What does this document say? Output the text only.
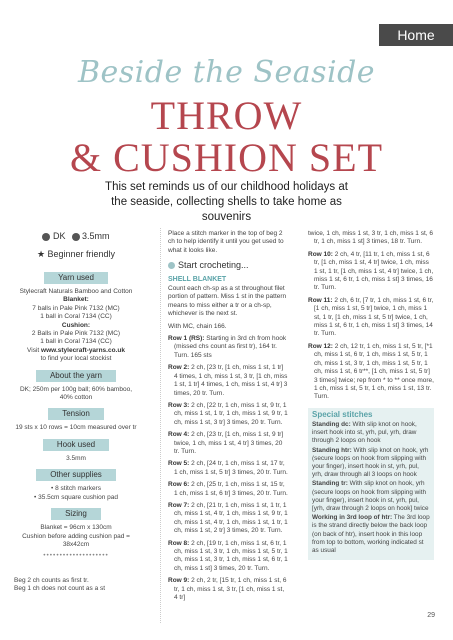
Home
Beside the Seaside
THROW
& CUSHION SET
This set reminds us of our childhood holidays at the seaside, collecting shells to take home as souvenirs
DK	3.5mm
★ Beginner friendly
Yarn used
Stylecraft Naturals Bamboo and Cotton
Blanket:
7 balls in Pale Pink 7132 (MC)
1 ball in Coral 7134 (CC)
Cushion:
2 Balls in Pale Pink 7132 (MC)
1 ball in Coral 7134 (CC)
Visit www.stylecraft-yarns.co.uk
to find your local stockist
About the yarn
DK; 250m per 100g ball; 60% bamboo, 40% cotton
Tension
19 sts x 10 rows = 10cm measured over tr
Hook used
3.5mm
Other supplies
• 8 stitch markers
• 35.5cm square cushion pad
Sizing
Blanket = 96cm x 130cm
Cushion before adding cushion pad = 38x42cm
••••••••••••••••••••
Beg 2 ch counts as first tr.
Beg 1 ch does not count as a st

Place a stitch marker in the top of beg 2 ch to help identify it until you get used to what it looks like.

Start crocheting...
SHELL BLANKET

Count each ch-sp as a st throughout filet portion of pattern. Miss 1 st in the pattern means to miss either a tr or a ch-sp, whichever is the next st.

With MC, chain 166.

Row 1 (RS): Starting in 3rd ch from hook (missed chs count as first tr), 164 tr. Turn. 165 sts

Row 2: 2 ch, [23 tr, [1 ch, miss 1 st, 1 tr] 4 times, 1 ch, miss 1 st, 3 tr, [1 ch, miss 1 st, 1 tr] 4 times, 1 ch, miss 1 st, 4 tr] 3 times, 20 tr. Turn.

Row 3: 2 ch, [22 tr, 1 ch, miss 1 st, 9 tr, 1 ch, miss 1 st, 1 tr, 1 ch, miss 1 st, 9 tr, 1 ch, miss 1 st, 3 tr] 3 times, 20 tr. Turn.

Row 4: 2 ch, [23 tr, [1 ch, miss 1 st, 9 tr] twice, 1 ch, miss 1 st, 4 tr] 3 times, 20 tr. Turn.

Row 5: 2 ch, [24 tr, 1 ch, miss 1 st, 17 tr, 1 ch, miss 1 st, 5 tr] 3 times, 20 tr. Turn.

Row 6: 2 ch, [25 tr, 1 ch, miss 1 st, 15 tr, 1 ch, miss 1 st, 6 tr] 3 times, 20 tr. Turn.

Row 7: 2 ch, [21 tr, 1 ch, miss 1 st, 1 tr, 1 ch, miss 1 st, 4 tr, 1 ch, miss 1 st, 9 tr, 1 ch, miss 1 st, 4 tr, 1 ch, miss 1 st, 1 tr, 1 ch, miss 1 st, 2 tr] 3 times, 20 tr. Turn.

Row 8: 2 ch, [19 tr, 1 ch, miss 1 st, 6 tr, 1 ch, miss 1 st, 3 tr, 1 ch, miss 1 st, 5 tr, 1 ch, miss 1 st, 3 tr, 1 ch, miss 1 st, 6 tr, 1 ch, miss 1 st] 3 times, 20 tr. Turn.

Row 9: 2 ch, 2 tr, [15 tr, 1 ch, miss 1 st, 6 tr, 1 ch, miss 1 st, 3 tr, [1 ch, miss 1 st, 4 tr]

twice, 1 ch, miss 1 st, 3 tr, 1 ch, miss 1 st, 6 tr, 1 ch, miss 1 st] 3 times, 18 tr. Turn.

Row 10: 2 ch, 4 tr, [11 tr, 1 ch, miss 1 st, 6 tr, [1 ch, miss 1 st, 4 tr] twice, 1 ch, miss 1 st, 1 tr, [1 ch, miss 1 st, 4 tr] twice, 1 ch, miss 1 st, 6 tr, 1 ch, miss 1 st] 3 times, 16 tr. Turn.

Row 11: 2 ch, 6 tr, [7 tr, 1 ch, miss 1 st, 6 tr, [1 ch, miss 1 st, 5 tr] twice, 1 ch, miss 1 st, 1 tr, [1 ch, miss 1 st, 5 tr] twice, 1 ch, miss 1 st, 6 tr, 1 ch, miss 1 st] 3 times, 14 tr. Turn.

Row 12: 2 ch, 12 tr, 1 ch, miss 1 st, 5 tr, [*1 ch, miss 1 st, 6 tr, 1 ch, miss 1 st, 5 tr, 1 ch, miss 1 st, 3 tr, 1 ch, miss 1 st, 5 tr, 1 ch, miss 1 st, 6 tr**, [1 ch, miss 1 st, 5 tr] 3 times] twice; rep from * to ** once more, 1 ch, miss 1 st, 5 tr, 1 ch, miss 1 st, 13 tr. Turn.

Special stitches

Standing dc: With slip knot on hook, insert hook into st, yrh, pul, yrh, draw through 2 loops on hook

Standing htr: With slip knot on hook, yrh (secure loops on hook from slipping with your finger), insert hook in st, yrh, pul, yrh, draw through all 3 loops on hook

Standing tr: With slip knot on hook, yrh (secure loops on hook from slipping with your finger), insert hook in st, yrh, pul, [yrh, draw through 2 loops on hook] twice

Working in 3rd loop of htr: The 3rd loop is the strand directly below the back loop (on back of htr), insert hook in this loop from top to bottom, working indicated st as usual

29
